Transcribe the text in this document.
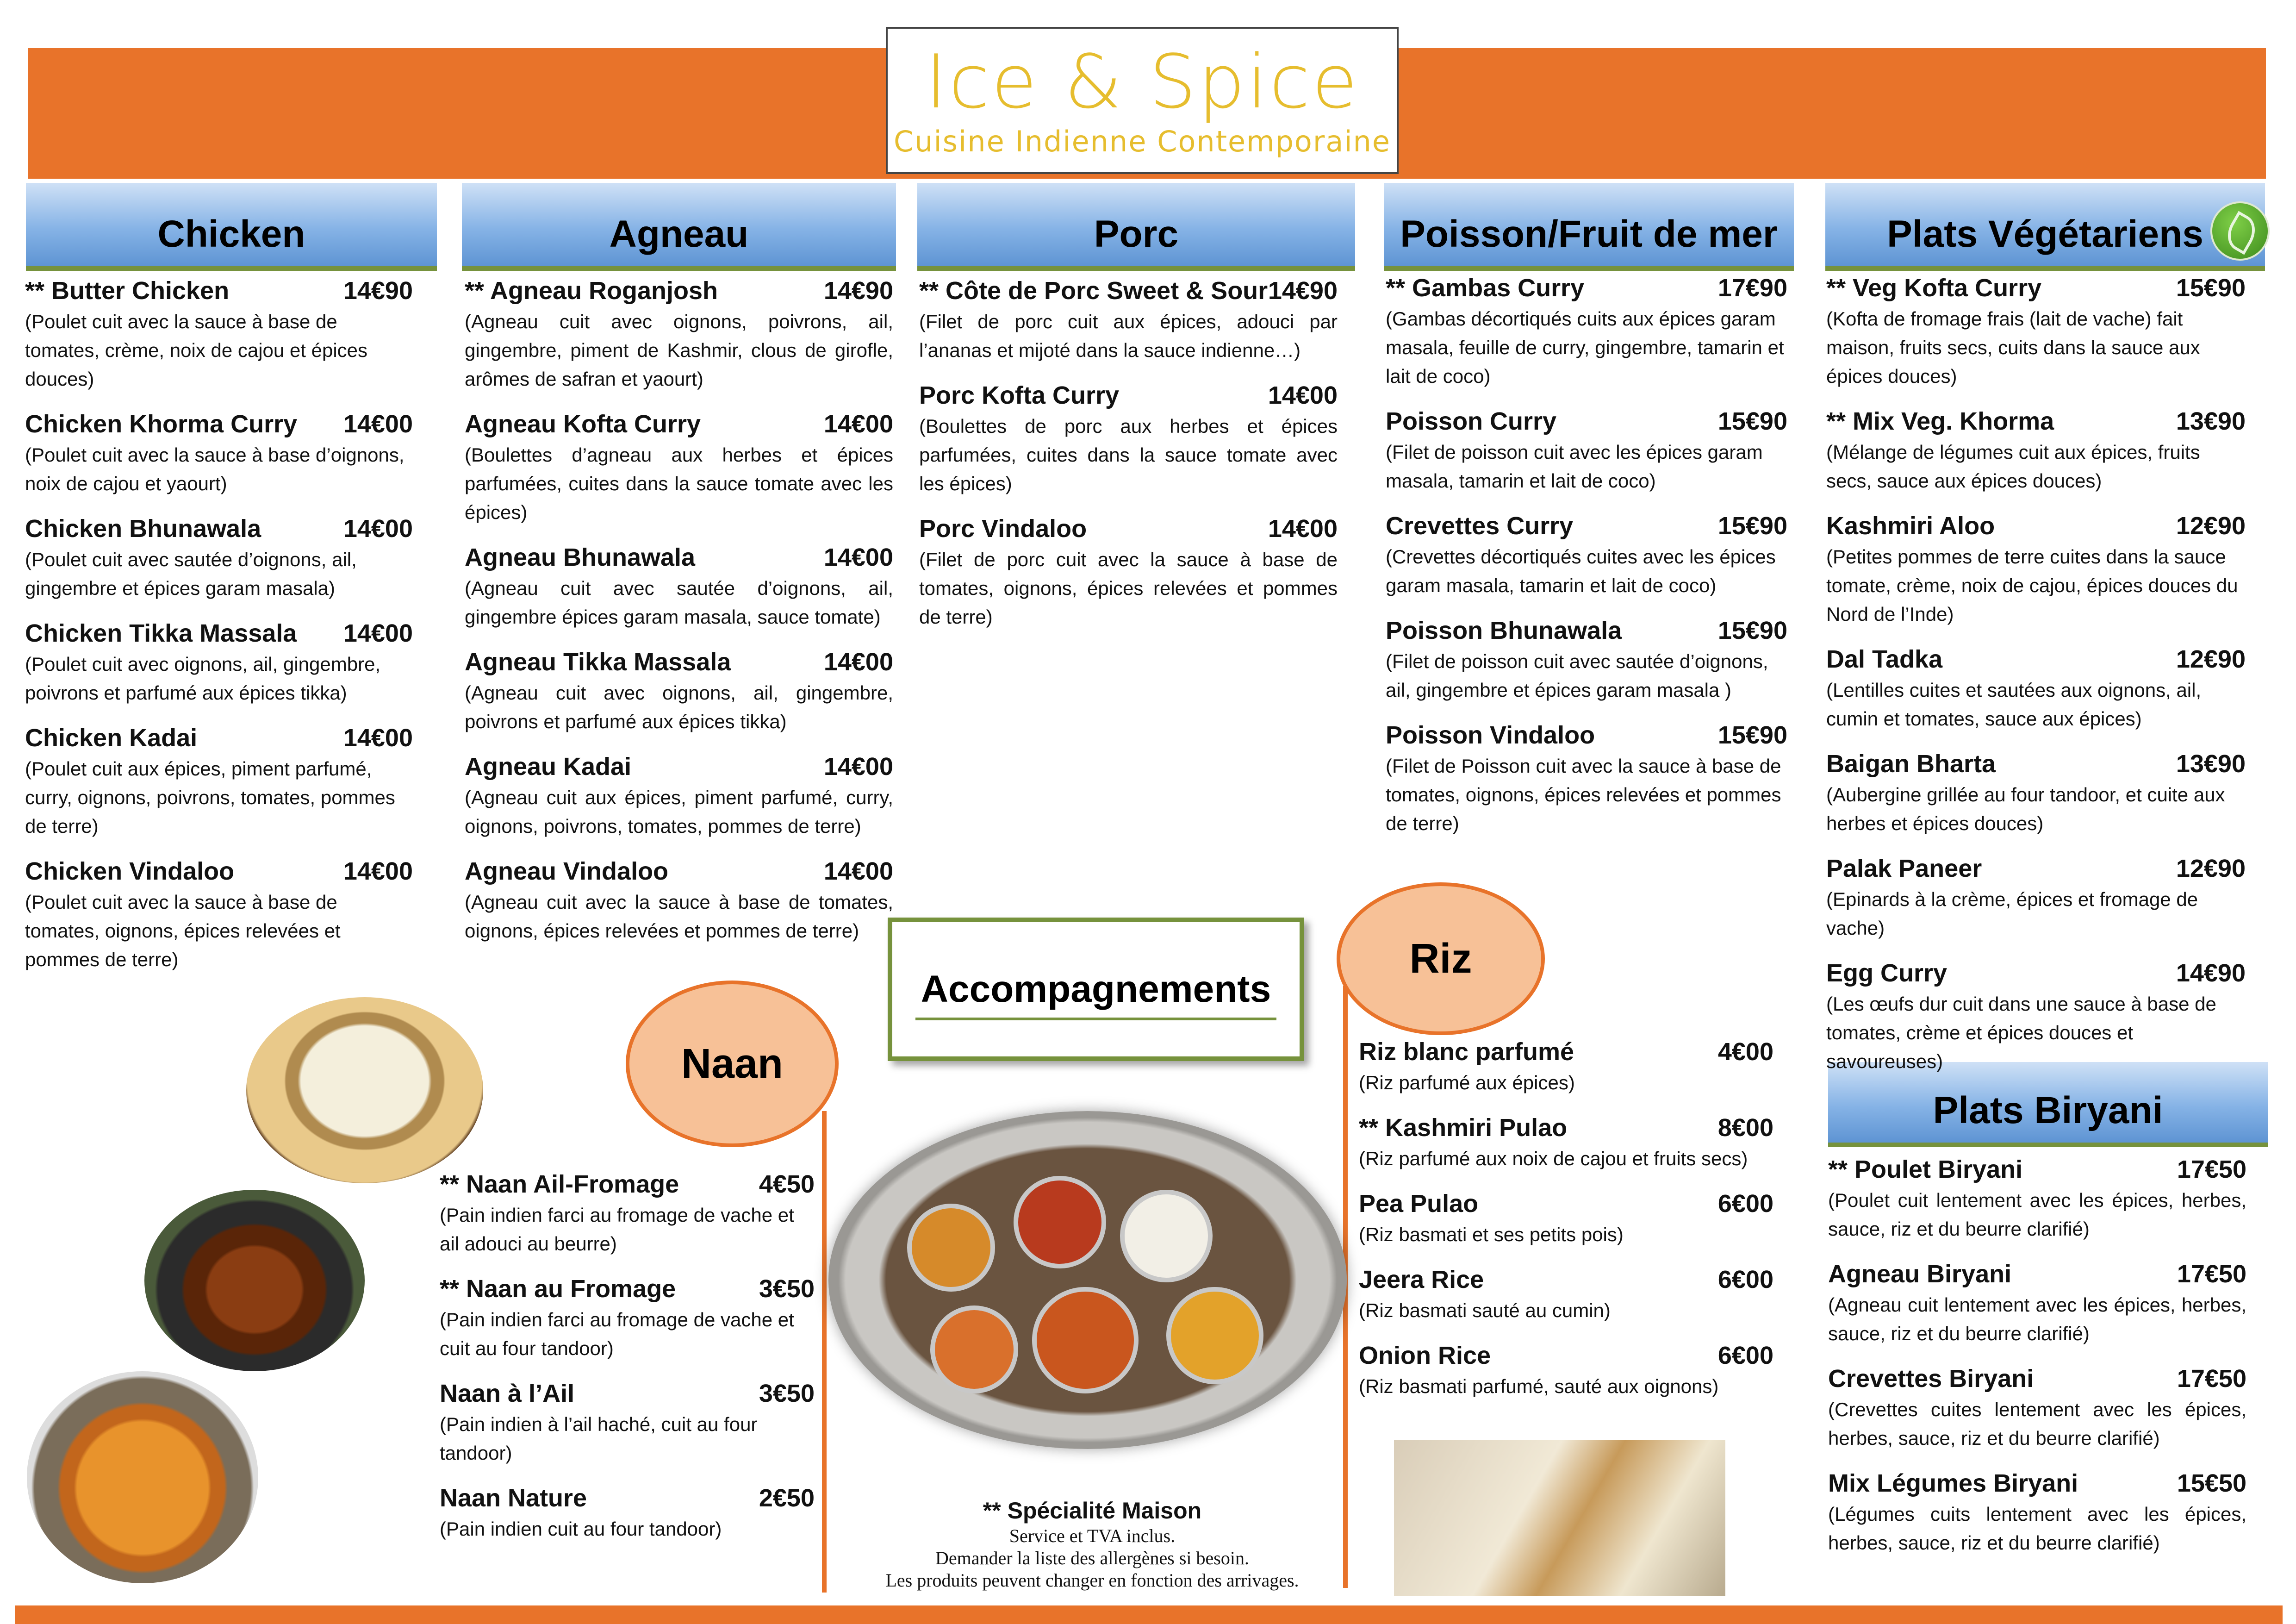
Ice & Spice
Cuisine Indienne Contemporaine
Chicken	Agneau	Porc	Poisson/Fruit de mer	Plats Végétariens
Plats Biryani
** Butter Chicken	14€90
(Poulet cuit avec la sauce à base de tomates, crème, noix de cajou et épices douces)
Chicken Khorma Curry 14€00
(Poulet cuit avec la sauce à base d’oignons, noix de cajou et yaourt)
Chicken Bhunawala	14€00
(Poulet cuit avec sautée d’oignons, ail, gingembre et épices garam masala)
Chicken Tikka Massala 14€00
(Poulet cuit avec oignons, ail, gingembre, poivrons et parfumé aux épices tikka)
Chicken Kadai	14€00
(Poulet cuit aux épices, piment parfumé, curry, oignons, poivrons, tomates, pommes de terre)
Chicken Vindaloo	14€00
(Poulet cuit avec la sauce à base de tomates, oignons, épices relevées et pommes de terre)
** Agneau Roganjosh	14€90
(Agneau cuit avec oignons, poivrons, ail, gingembre, piment de Kashmir, clous de girofle, arômes de safran et yaourt)
Agneau Kofta Curry	14€00
(Boulettes d’agneau aux herbes et épices parfumées, cuites dans la sauce tomate avec les épices)
Agneau Bhunawala	14€00
(Agneau cuit avec sautée d’oignons, ail, gingembre épices garam masala, sauce tomate)
Agneau Tikka Massala	14€00
(Agneau cuit avec oignons, ail, gingembre, poivrons et parfumé aux épices tikka)
Agneau Kadai	14€00
(Agneau cuit aux épices, piment parfumé, curry, oignons, poivrons, tomates, pommes de terre)
Agneau Vindaloo	14€00
(Agneau cuit avec la sauce à base de tomates, oignons, épices relevées et pommes de terre)
** Côte de Porc Sweet & Sour 14€90
(Filet de porc cuit aux épices, adouci par l’ananas et mijoté dans la sauce indienne…)
Porc Kofta Curry	14€00
(Boulettes de porc aux herbes et épices parfumées, cuites dans la sauce tomate avec les épices)
Porc Vindaloo	14€00
(Filet de porc cuit avec la sauce à base de tomates, oignons, épices relevées et pommes de terre)
** Gambas Curry	17€90
(Gambas décortiqués cuits aux épices garam masala, feuille de curry, gingembre, tamarin et lait de coco)
Poisson Curry	15€90
(Filet de poisson cuit avec les épices garam masala, tamarin et lait de coco)
Crevettes Curry	15€90
(Crevettes décortiqués cuites avec les épices garam masala, tamarin et lait de coco)
Poisson Bhunawala	15€90
(Filet de poisson cuit avec sautée d’oignons, ail, gingembre et épices garam masala )
Poisson Vindaloo	15€90
(Filet de Poisson cuit avec la sauce à base de tomates, oignons, épices relevées et pommes de terre)
** Veg Kofta Curry	15€90
(Kofta de fromage frais (lait de vache) fait maison, fruits secs, cuits dans la sauce aux épices douces)
** Mix Veg. Khorma	13€90
(Mélange de légumes cuit aux épices, fruits secs, sauce aux épices douces)
Kashmiri Aloo	12€90
(Petites pommes de terre cuites dans la sauce tomate, crème, noix de cajou, épices douces du Nord de l’Inde)
Dal Tadka	12€90
(Lentilles cuites et sautées aux oignons, ail, cumin et tomates, sauce aux épices)
Baigan Bharta	13€90
(Aubergine grillée au four tandoor, et cuite aux herbes et épices douces)
Palak Paneer	12€90
(Epinards à la crème, épices et fromage de vache)
Egg Curry	14€90
(Les œufs dur cuit dans une sauce à base de tomates, crème et épices douces et savoureuses)
** Poulet Biryani	17€50
(Poulet cuit lentement avec les épices, herbes, sauce, riz et du beurre clarifié)
Agneau Biryani	17€50
(Agneau cuit lentement avec les épices, herbes, sauce, riz et du beurre clarifié)
Crevettes Biryani	17€50
(Crevettes cuites lentement avec les épices, herbes, sauce, riz et du beurre clarifié)
Mix Légumes Biryani	15€50
(Légumes cuits lentement avec les épices, herbes, sauce, riz et du beurre clarifié)
Naan
** Naan Ail-Fromage	4€50
(Pain indien farci au fromage de vache et ail adouci au beurre)
** Naan au Fromage	3€50
(Pain indien farci au fromage de vache et cuit au four tandoor)
Naan à l’Ail	3€50
(Pain indien à l’ail haché, cuit au four tandoor)
Naan Nature	2€50
(Pain indien cuit au four tandoor)
Accompagnements
Riz
Riz blanc parfumé	4€00
(Riz parfumé aux épices)
** Kashmiri Pulao	8€00
(Riz parfumé aux noix de cajou et fruits secs)
Pea Pulao	6€00
(Riz basmati et ses petits pois)
Jeera Rice	6€00
(Riz basmati sauté au cumin)
Onion Rice	6€00
(Riz basmati parfumé, sauté aux oignons)
** Spécialité Maison
Service et TVA inclus.
Demander la liste des allergènes si besoin.
Les produits peuvent changer en fonction des arrivages.
